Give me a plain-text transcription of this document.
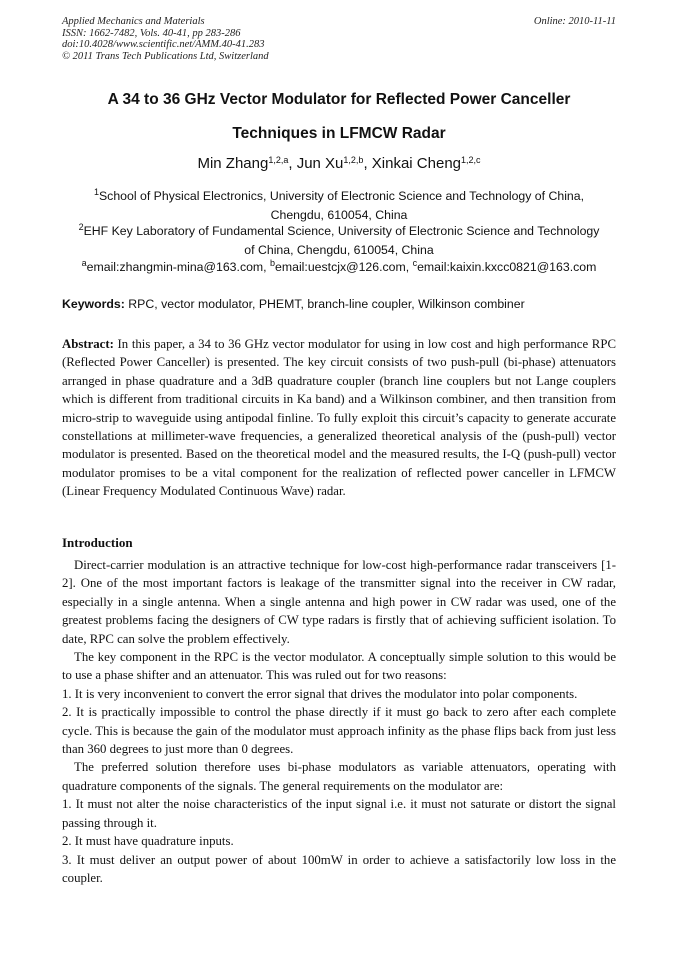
Applied Mechanics and Materials
ISSN: 1662-7482, Vols. 40-41, pp 283-286
doi:10.4028/www.scientific.net/AMM.40-41.283
© 2011 Trans Tech Publications Ltd, Switzerland
Online: 2010-11-11
A 34 to 36 GHz Vector Modulator for Reflected Power Canceller
Techniques in LFMCW Radar
Min Zhang$^{1,2,a}$, Jun Xu$^{1,2,b}$, Xinkai Cheng$^{1,2,c}$
$^1$School of Physical Electronics, University of Electronic Science and Technology of China,
Chengdu, 610054, China
$^2$EHF Key Laboratory of Fundamental Science, University of Electronic Science and Technology
of China, Chengdu, 610054, China
$^a$email:zhangmin-mina@163.com, $^b$email:uestcjx@126.com, $^c$email:kaixin.kxcc0821@163.com
Keywords: RPC, vector modulator, PHEMT, branch-line coupler, Wilkinson combiner

Abstract: In this paper, a 34 to 36 GHz vector modulator for using in low cost and high performance RPC (Reflected Power Canceller) is presented. The key circuit consists of two push-pull (bi-phase) attenuators arranged in phase quadrature and a 3dB quadrature coupler (branch line couplers but not Lange couplers which is different from traditional circuits in Ka band) and a Wilkinson combiner, and then transition from micro-strip to waveguide using antipodal finline. To fully exploit this circuit’s capacity to generate accurate constellations at millimeter-wave frequencies, a generalized theoretical analysis of the (push-pull) vector modulator is presented. Based on the theoretical model and the measured results, the I-Q (push-pull) vector modulator promises to be a vital component for the realization of reflected power canceller in LFMCW (Linear Frequency Modulated Continuous Wave) radar.

Introduction

Direct-carrier modulation is an attractive technique for low-cost high-performance radar transceivers [1-2]. One of the most important factors is leakage of the transmitter signal into the receiver in CW radar, especially in a single antenna. When a single antenna and high power in CW radar was used, one of the greatest problems facing the designers of CW type radars is firstly that of achieving sufficient isolation. To date, RPC can solve the problem effectively.

The key component in the RPC is the vector modulator. A conceptually simple solution to this would be to use a phase shifter and an attenuator. This was ruled out for two reasons:

1. It is very inconvenient to convert the error signal that drives the modulator into polar components.

2. It is practically impossible to control the phase directly if it must go back to zero after each complete cycle. This is because the gain of the modulator must approach infinity as the phase flips back from just less than 360 degrees to just more than 0 degrees.

The preferred solution therefore uses bi-phase modulators as variable attenuators, operating with quadrature components of the signals. The general requirements on the modulator are:

1. It must not alter the noise characteristics of the input signal i.e. it must not saturate or distort the signal passing through it.

2. It must have quadrature inputs.

3. It must deliver an output power of about 100mW in order to achieve a satisfactorily low loss in the coupler.
